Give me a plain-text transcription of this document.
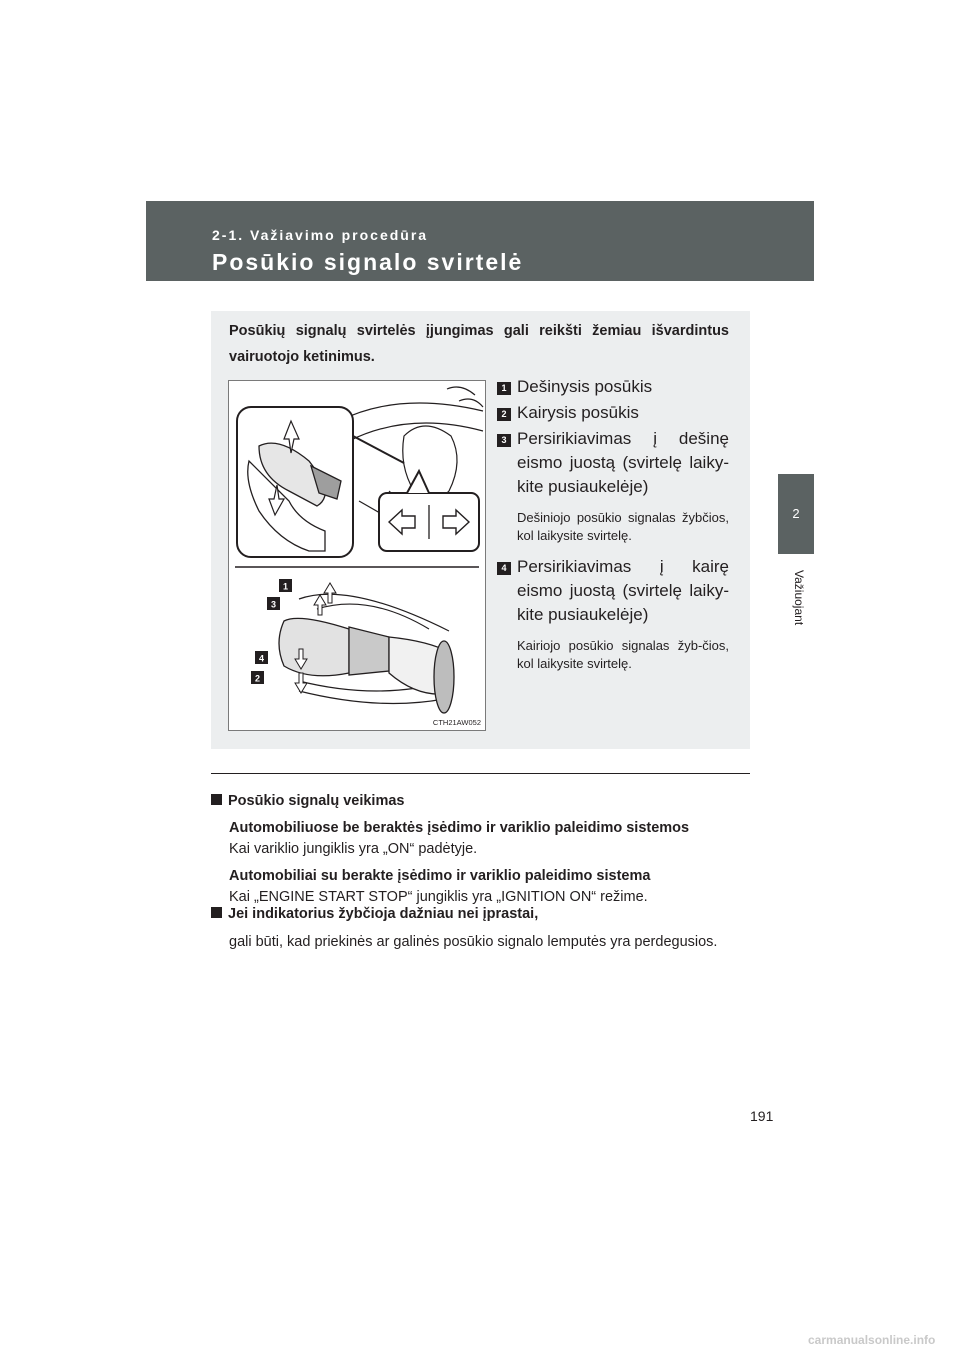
2-1. Važiavimo procedūra
Posūkio signalo svirtelė
2
Važiuojant
Posūkių signalų svirtelės įjungimas gali reikšti žemiau išvardintus vairuotojo ketinimus.
1
3
4
2
CTH21AW052
1 Dešinysis posūkis
2 Kairysis posūkis
3 Persirikiavimas į dešinę eismo juostą (svirtelę laiky-kite pusiaukelėje)
Dešiniojo posūkio signalas žybčios, kol laikysite svirtelę.
4 Persirikiavimas į kairę eismo juostą (svirtelę laiky-kite pusiaukelėje)
Kairiojo posūkio signalas žyb-čios, kol laikysite svirtelę.
Posūkio signalų veikimas
Automobiliuose be beraktės įsėdimo ir variklio paleidimo sistemos
Kai variklio jungiklis yra „ON“ padėtyje.
Automobiliai su berakte įsėdimo ir variklio paleidimo sistema
Kai „ENGINE START STOP“ jungiklis yra „IGNITION ON“ režime.
Jei indikatorius žybčioja dažniau nei įprastai,
gali būti, kad priekinės ar galinės posūkio signalo lemputės yra perdegusios.
191
carmanualsonline.info
